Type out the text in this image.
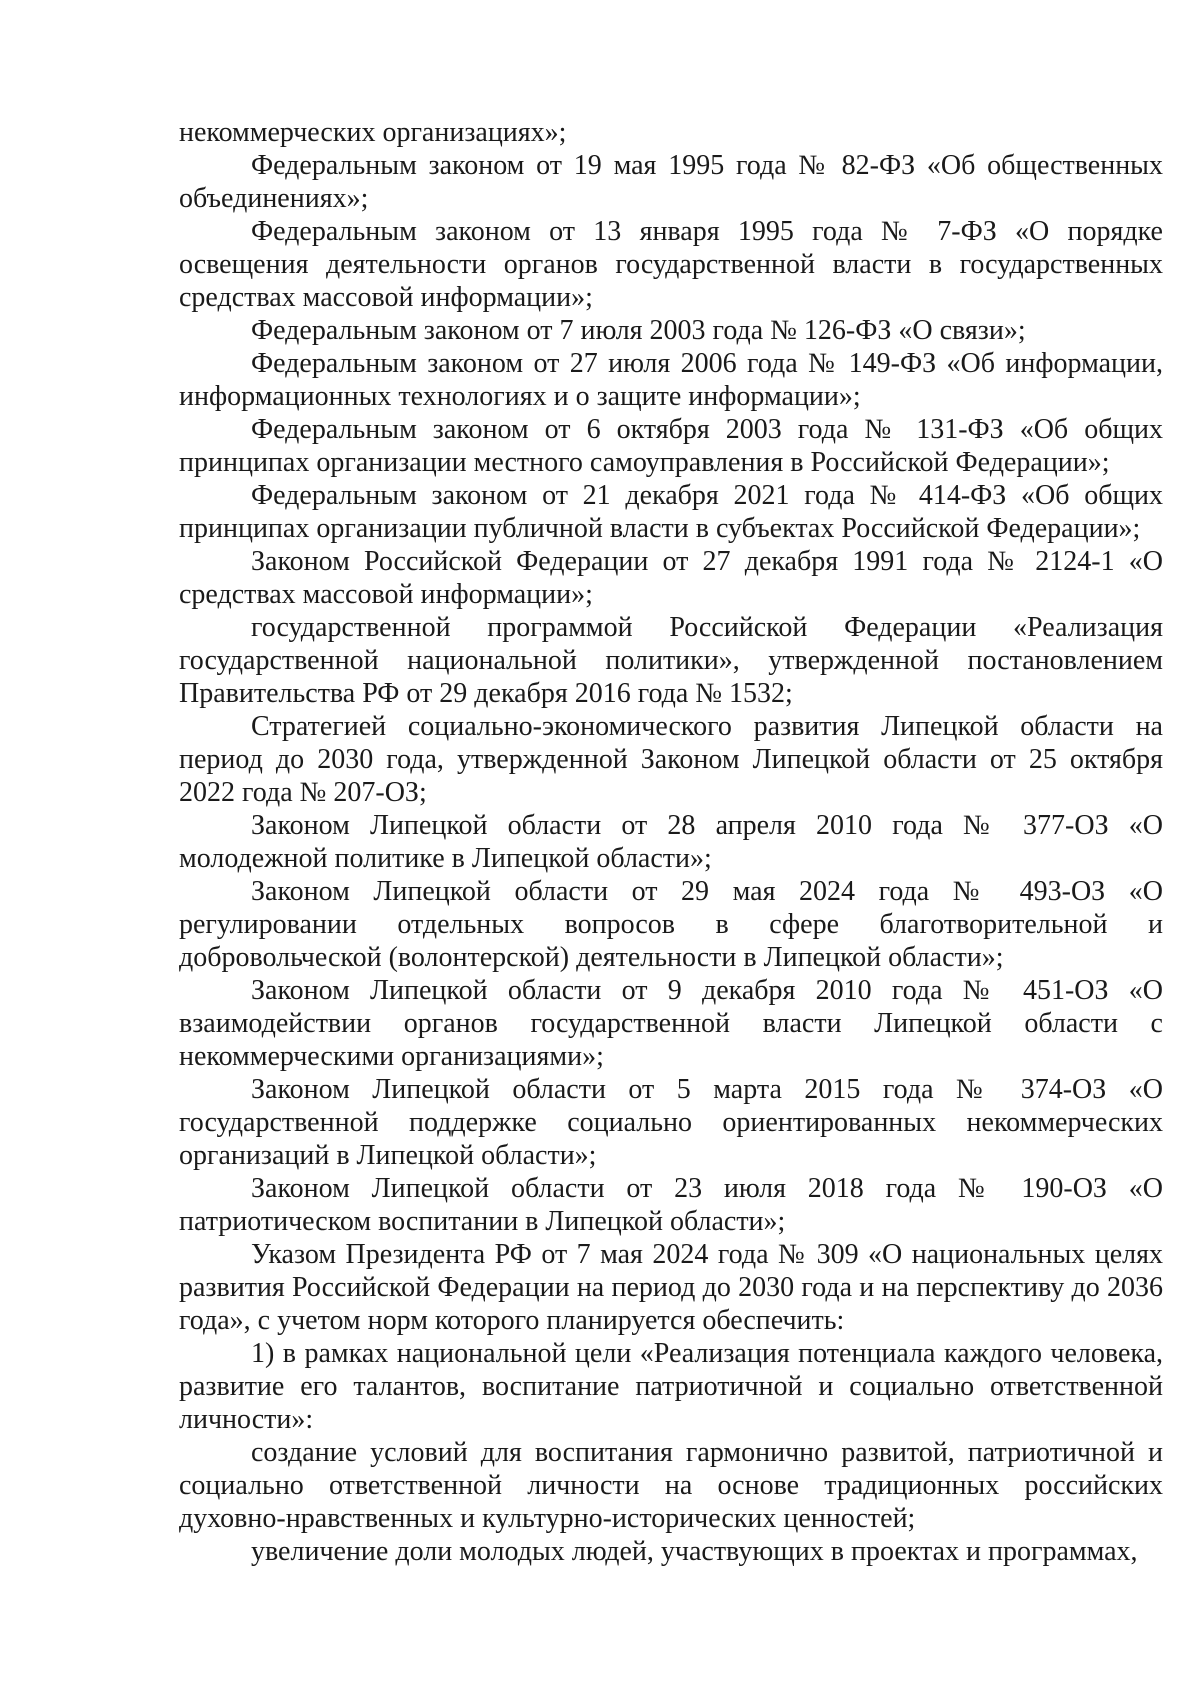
некоммерческих организациях»;

Федеральным законом от 19 мая 1995 года № 82-ФЗ «Об общественных объединениях»;

Федеральным законом от 13 января 1995 года № 7-ФЗ «О порядке освещения деятельности органов государственной власти в государственных средствах массовой информации»;

Федеральным законом от 7 июля 2003 года № 126-ФЗ «О связи»;

Федеральным законом от 27 июля 2006 года № 149-ФЗ «Об информации, информационных технологиях и о защите информации»;

Федеральным законом от 6 октября 2003 года № 131-ФЗ «Об общих принципах организации местного самоуправления в Российской Федерации»;

Федеральным законом от 21 декабря 2021 года № 414-ФЗ «Об общих принципах организации публичной власти в субъектах Российской Федерации»;

Законом Российской Федерации от 27 декабря 1991 года № 2124-1 «О средствах массовой информации»;

государственной программой Российской Федерации «Реализация государственной национальной политики», утвержденной постановлением Правительства РФ от 29 декабря 2016 года № 1532;

Стратегией социально-экономического развития Липецкой области на период до 2030 года, утвержденной Законом Липецкой области от 25 октября 2022 года № 207-ОЗ;

Законом Липецкой области от 28 апреля 2010 года № 377-ОЗ «О молодежной политике в Липецкой области»;

Законом Липецкой области от 29 мая 2024 года № 493-ОЗ «О регулировании отдельных вопросов в сфере благотворительной и добровольческой (волонтерской) деятельности в Липецкой области»;

Законом Липецкой области от 9 декабря 2010 года № 451-ОЗ «О взаимодействии органов государственной власти Липецкой области с некоммерческими организациями»;

Законом Липецкой области от 5 марта 2015 года № 374-ОЗ «О государственной поддержке социально ориентированных некоммерческих организаций в Липецкой области»;

Законом Липецкой области от 23 июля 2018 года № 190-ОЗ «О патриотическом воспитании в Липецкой области»;

Указом Президента РФ от 7 мая 2024 года № 309 «О национальных целях развития Российской Федерации на период до 2030 года и на перспективу до 2036 года», с учетом норм которого планируется обеспечить:

1) в рамках национальной цели «Реализация потенциала каждого человека, развитие его талантов, воспитание патриотичной и социально ответственной личности»:

создание условий для воспитания гармонично развитой, патриотичной и социально ответственной личности на основе традиционных российских духовно-нравственных и культурно-исторических ценностей;

увеличение доли молодых людей, участвующих в проектах и программах,
